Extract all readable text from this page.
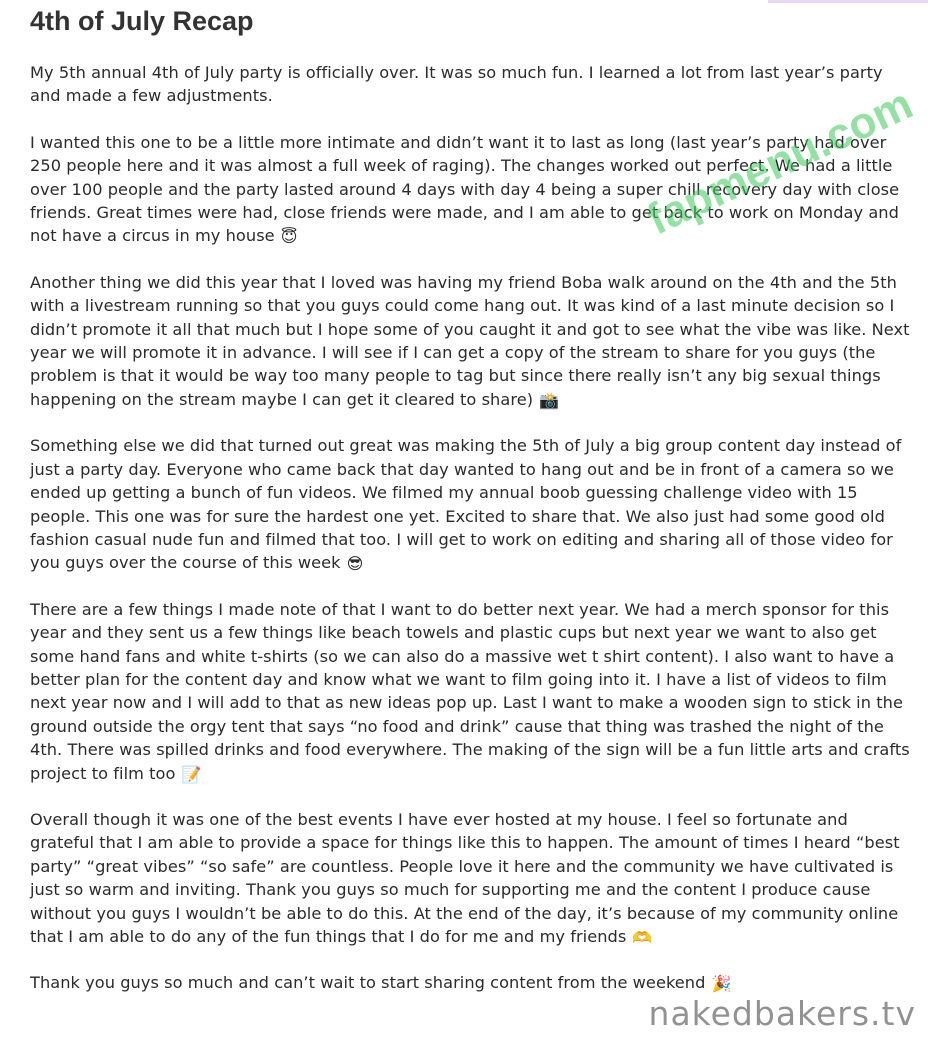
4th of July Recap

My 5th annual 4th of July party is officially over. It was so much fun. I learned a lot from last year’s party and made a few adjustments.

I wanted this one to be a little more intimate and didn’t want it to last as long (last year’s party had over 250 people here and it was almost a full week of raging). The changes worked out perfect. We had a little over 100 people and the party lasted around 4 days with day 4 being a super chill recovery day with close friends. Great times were had, close friends were made, and I am able to get back to work on Monday and not have a circus in my house 😇

Another thing we did this year that I loved was having my friend Boba walk around on the 4th and the 5th with a livestream running so that you guys could come hang out. It was kind of a last minute decision so I didn’t promote it all that much but I hope some of you caught it and got to see what the vibe was like. Next year we will promote it in advance. I will see if I can get a copy of the stream to share for you guys (the problem is that it would be way too many people to tag but since there really isn’t any big sexual things happening on the stream maybe I can get it cleared to share) 📸

Something else we did that turned out great was making the 5th of July a big group content day instead of just a party day. Everyone who came back that day wanted to hang out and be in front of a camera so we ended up getting a bunch of fun videos. We filmed my annual boob guessing challenge video with 15 people. This one was for sure the hardest one yet. Excited to share that. We also just had some good old fashion casual nude fun and filmed that too. I will get to work on editing and sharing all of those video for you guys over the course of this week 😎

There are a few things I made note of that I want to do better next year. We had a merch sponsor for this year and they sent us a few things like beach towels and plastic cups but next year we want to also get some hand fans and white t-shirts (so we can also do a massive wet t shirt content). I also want to have a better plan for the content day and know what we want to film going into it. I have a list of videos to film next year now and I will add to that as new ideas pop up. Last I want to make a wooden sign to stick in the ground outside the orgy tent that says “no food and drink” cause that thing was trashed the night of the 4th. There was spilled drinks and food everywhere. The making of the sign will be a fun little arts and crafts project to film too 📝

Overall though it was one of the best events I have ever hosted at my house. I feel so fortunate and grateful that I am able to provide a space for things like this to happen. The amount of times I heard “best party” “great vibes” “so safe” are countless. People love it here and the community we have cultivated is just so warm and inviting. Thank you guys so much for supporting me and the content I produce cause without you guys I wouldn’t be able to do this. At the end of the day, it’s because of my community online that I am able to do any of the fun things that I do for me and my friends 🫶

Thank you guys so much and can’t wait to start sharing content from the weekend 🎉

fapmenu.com
nakedbakers.tv
